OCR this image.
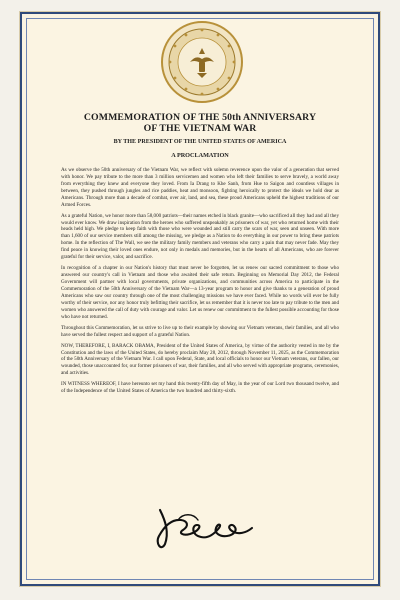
COMMEMORATION OF THE 50th ANNIVERSARY
OF THE VIETNAM WAR
BY THE PRESIDENT OF THE UNITED STATES OF AMERICA
A PROCLAMATION

As we observe the 50th anniversary of the Vietnam War, we reflect with solemn reverence upon the valor of a generation that served with honor. We pay tribute to the more than 3 million servicemen and women who left their families to serve bravely, a world away from everything they knew and everyone they loved. From Ia Drang to Khe Sanh, from Hue to Saigon and countless villages in between, they pushed through jungles and rice paddies, heat and monsoon, fighting heroically to protect the ideals we hold dear as Americans. Through more than a decade of combat, over air, land, and sea, these proud Americans upheld the highest traditions of our Armed Forces.

As a grateful Nation, we honor more than 58,000 patriots—their names etched in black granite—who sacrificed all they had and all they would ever know. We draw inspiration from the heroes who suffered unspeakably as prisoners of war, yet who returned home with their heads held high. We pledge to keep faith with those who were wounded and still carry the scars of war, seen and unseen. With more than 1,600 of our service members still among the missing, we pledge as a Nation to do everything in our power to bring these patriots home. In the reflection of The Wall, we see the military family members and veterans who carry a pain that may never fade. May they find peace in knowing their loved ones endure, not only in medals and memories, but in the hearts of all Americans, who are forever grateful for their service, valor, and sacrifice.

In recognition of a chapter in our Nation's history that must never be forgotten, let us renew our sacred commitment to those who answered our country's call in Vietnam and those who awaited their safe return. Beginning on Memorial Day 2012, the Federal Government will partner with local governments, private organizations, and communities across America to participate in the Commemoration of the 50th Anniversary of the Vietnam War—a 13-year program to honor and give thanks to a generation of proud Americans who saw our country through one of the most challenging missions we have ever faced. While no words will ever be fully worthy of their service, nor any honor truly befitting their sacrifice, let us remember that it is never too late to pay tribute to the men and women who answered the call of duty with courage and valor. Let us renew our commitment to the fullest possible accounting for those who have not returned.

Throughout this Commemoration, let us strive to live up to their example by showing our Vietnam veterans, their families, and all who have served the fullest respect and support of a grateful Nation.

NOW, THEREFORE, I, BARACK OBAMA, President of the United States of America, by virtue of the authority vested in me by the Constitution and the laws of the United States, do hereby proclaim May 28, 2012, through November 11, 2025, as the Commemoration of the 50th Anniversary of the Vietnam War. I call upon Federal, State, and local officials to honor our Vietnam veterans, our fallen, our wounded, those unaccounted for, our former prisoners of war, their families, and all who served with appropriate programs, ceremonies, and activities.

IN WITNESS WHEREOF, I have hereunto set my hand this twenty-fifth day of May, in the year of our Lord two thousand twelve, and of the Independence of the United States of America the two hundred and thirty-sixth.
